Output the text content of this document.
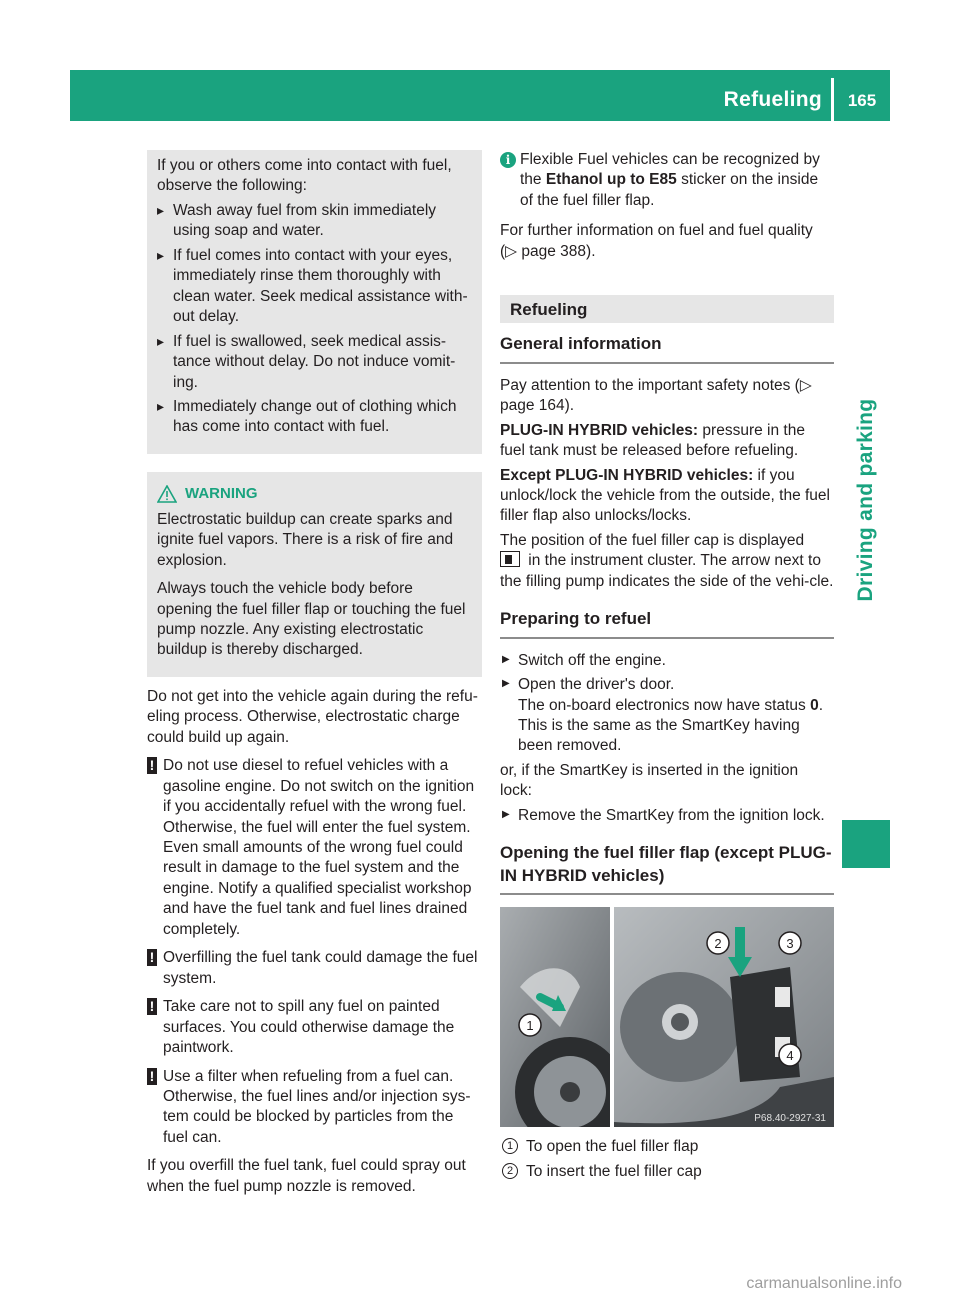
Refueling	165
Driving and parking

If you or others come into contact with fuel, observe the following:

▸ Wash away fuel from skin immediately using soap and water.
▸ If fuel comes into contact with your eyes, immediately rinse them thoroughly with clean water. Seek medical assistance with-out delay.
▸ If fuel is swallowed, seek medical assis-tance without delay. Do not induce vomit-ing.
▸ Immediately change out of clothing which has come into contact with fuel.
WARNING

Electrostatic buildup can create sparks and ignite fuel vapors. There is a risk of fire and explosion.

Always touch the vehicle body before opening the fuel filler flap or touching the fuel pump nozzle. Any existing electrostatic buildup is thereby discharged.

Do not get into the vehicle again during the refu-eling process. Otherwise, electrostatic charge could build up again.

! Do not use diesel to refuel vehicles with a gasoline engine. Do not switch on the ignition if you accidentally refuel with the wrong fuel. Otherwise, the fuel will enter the fuel system. Even small amounts of the wrong fuel could result in damage to the fuel system and the engine. Notify a qualified specialist workshop and have the fuel tank and fuel lines drained completely.
! Overfilling the fuel tank could damage the fuel system.
! Take care not to spill any fuel on painted surfaces. You could otherwise damage the paintwork.
! Use a filter when refueling from a fuel can. Otherwise, the fuel lines and/or injection sys-tem could be blocked by particles from the fuel can.

If you overfill the fuel tank, fuel could spray out when the fuel pump nozzle is removed.

i Flexible Fuel vehicles can be recognized by the Ethanol up to E85 sticker on the inside of the fuel filler flap.

For further information on fuel and fuel quality (▷ page 388).

Refueling
General information

Pay attention to the important safety notes (▷ page 164).

PLUG-IN HYBRID vehicles: pressure in the fuel tank must be released before refueling.

Except PLUG-IN HYBRID vehicles: if you unlock/lock the vehicle from the outside, the fuel filler flap also unlocks/locks.

The position of the fuel filler cap is displayed
in the instrument cluster. The arrow next to the filling pump indicates the side of the vehi-cle.

Preparing to refuel
▶ Switch off the engine.
▶ Open the driver's door.
The on-board electronics now have status 0.
This is the same as the SmartKey having been removed.

or, if the SmartKey is inserted in the ignition lock:

▶ Remove the SmartKey from the ignition lock.
Opening the fuel filler flap (except PLUG-IN HYBRID vehicles)
1
2	3
4
P68.40-2927-31
1 To open the fuel filler flap
2 To insert the fuel filler cap
carmanualsonline.info
